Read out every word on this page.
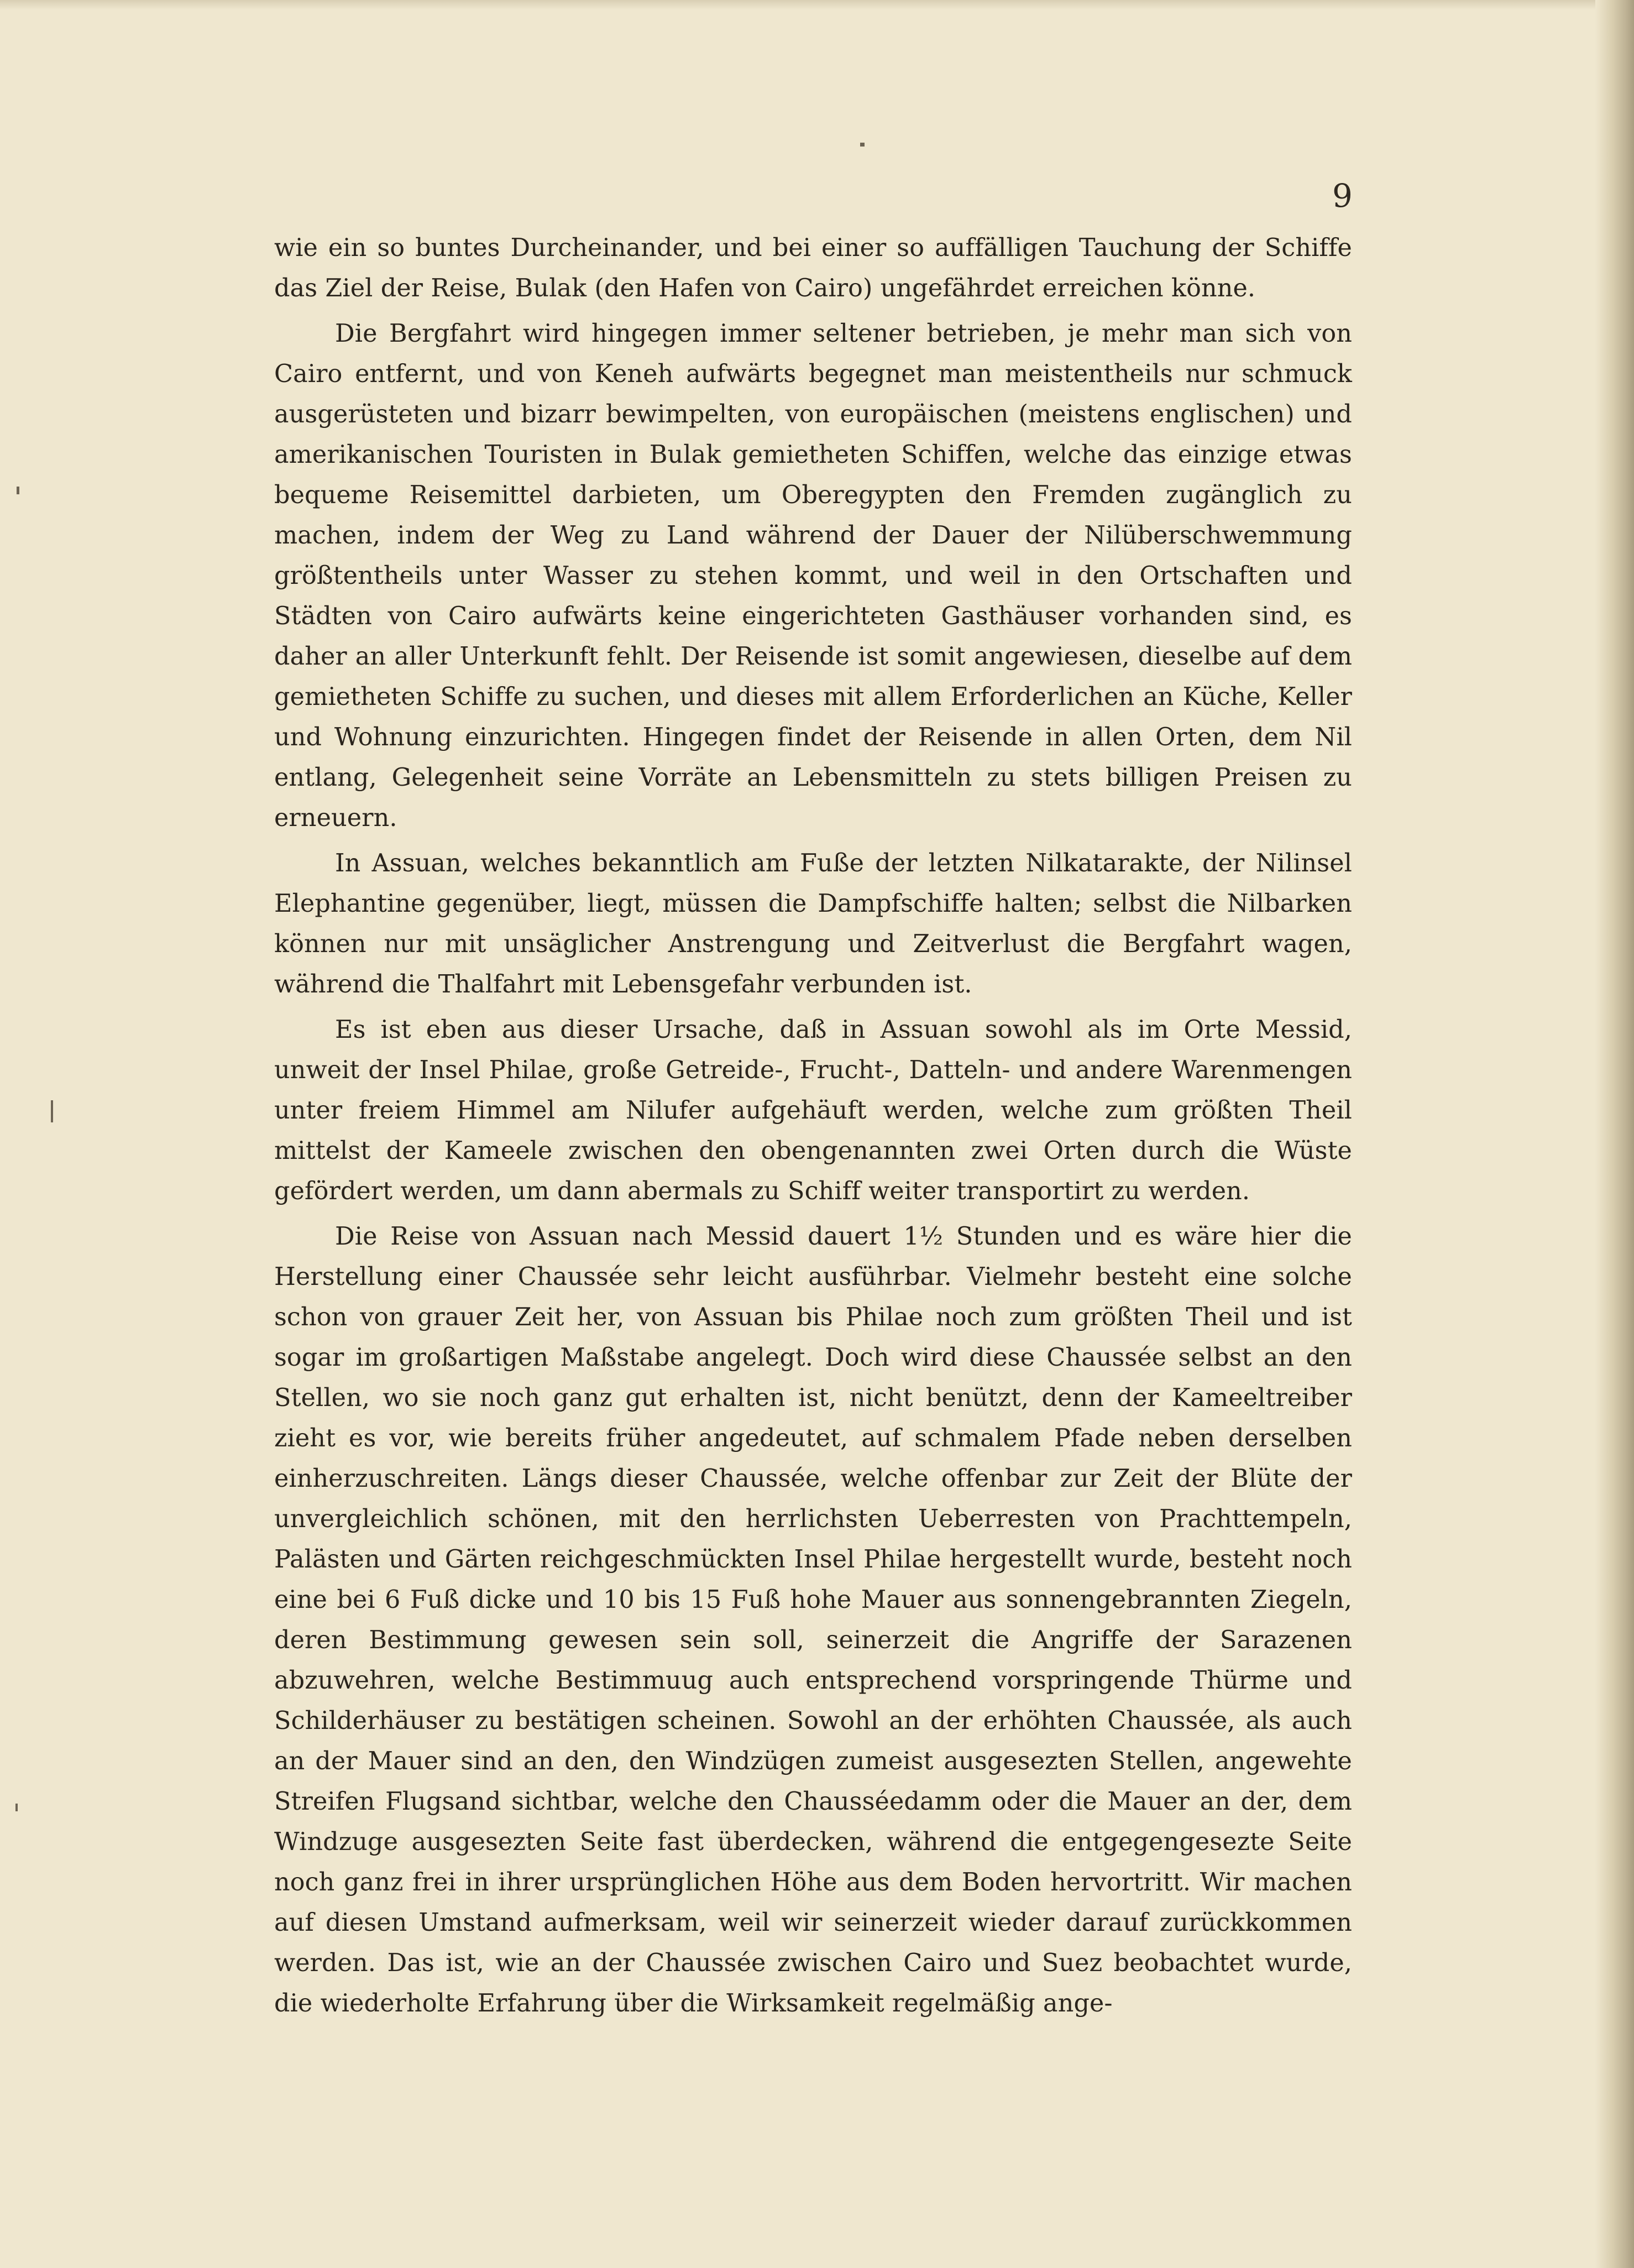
9

wie ein so buntes Durcheinander, und bei einer so auffälligen Tauchung der Schiffe das Ziel der Reise, Bulak (den Hafen von Cairo) ungefährdet erreichen könne.

Die Bergfahrt wird hingegen immer seltener betrieben, je mehr man sich von Cairo entfernt, und von Keneh aufwärts begegnet man meistentheils nur schmuck ausgerüsteten und bizarr bewimpelten, von europäischen (meistens englischen) und amerikanischen Touristen in Bulak gemietheten Schiffen, welche das einzige etwas bequeme Reisemittel darbieten, um Oberegypten den Fremden zugänglich zu machen, indem der Weg zu Land während der Dauer der Nilüberschwemmung größtentheils unter Wasser zu stehen kommt, und weil in den Ortschaften und Städten von Cairo aufwärts keine eingerichteten Gasthäuser vorhanden sind, es daher an aller Unterkunft fehlt. Der Reisende ist somit angewiesen, dieselbe auf dem gemietheten Schiffe zu suchen, und dieses mit allem Erforderlichen an Küche, Keller und Wohnung einzurichten. Hingegen findet der Reisende in allen Orten, dem Nil entlang, Gelegenheit seine Vorräte an Lebensmitteln zu stets billigen Preisen zu erneuern.

In Assuan, welches bekanntlich am Fuße der letzten Nilkatarakte, der Nilinsel Elephantine gegenüber, liegt, müssen die Dampfschiffe halten; selbst die Nilbarken können nur mit unsäglicher Anstrengung und Zeitverlust die Bergfahrt wagen, während die Thalfahrt mit Lebensgefahr verbunden ist.

Es ist eben aus dieser Ursache, daß in Assuan sowohl als im Orte Messid, unweit der Insel Philae, große Getreide-, Frucht-, Datteln- und andere Warenmengen unter freiem Himmel am Nilufer aufgehäuft werden, welche zum größten Theil mittelst der Kameele zwischen den obengenannten zwei Orten durch die Wüste gefördert werden, um dann abermals zu Schiff weiter transportirt zu werden.

Die Reise von Assuan nach Messid dauert 1½ Stunden und es wäre hier die Herstellung einer Chaussée sehr leicht ausführbar. Vielmehr besteht eine solche schon von grauer Zeit her, von Assuan bis Philae noch zum größten Theil und ist sogar im großartigen Maßstabe angelegt. Doch wird diese Chaussée selbst an den Stellen, wo sie noch ganz gut erhalten ist, nicht benützt, denn der Kameeltreiber zieht es vor, wie bereits früher angedeutet, auf schmalem Pfade neben derselben einherzuschreiten. Längs dieser Chaussée, welche offenbar zur Zeit der Blüte der unvergleichlich schönen, mit den herrlichsten Ueberresten von Prachttempeln, Palästen und Gärten reichgeschmückten Insel Philae hergestellt wurde, besteht noch eine bei 6 Fuß dicke und 10 bis 15 Fuß hohe Mauer aus sonnengebrannten Ziegeln, deren Bestimmung gewesen sein soll, seinerzeit die Angriffe der Sarazenen abzuwehren, welche Bestimmuug auch entsprechend vorspringende Thürme und Schilderhäuser zu bestätigen scheinen. Sowohl an der erhöhten Chaussée, als auch an der Mauer sind an den, den Windzügen zumeist ausgesezten Stellen, angewehte Streifen Flugsand sichtbar, welche den Chausséedamm oder die Mauer an der, dem Windzuge ausgesezten Seite fast überdecken, während die entgegengesezte Seite noch ganz frei in ihrer ursprünglichen Höhe aus dem Boden hervortritt. Wir machen auf diesen Umstand aufmerksam, weil wir seinerzeit wieder darauf zurückkommen werden. Das ist, wie an der Chaussée zwischen Cairo und Suez beobachtet wurde, die wiederholte Erfahrung über die Wirksamkeit regelmäßig ange-
